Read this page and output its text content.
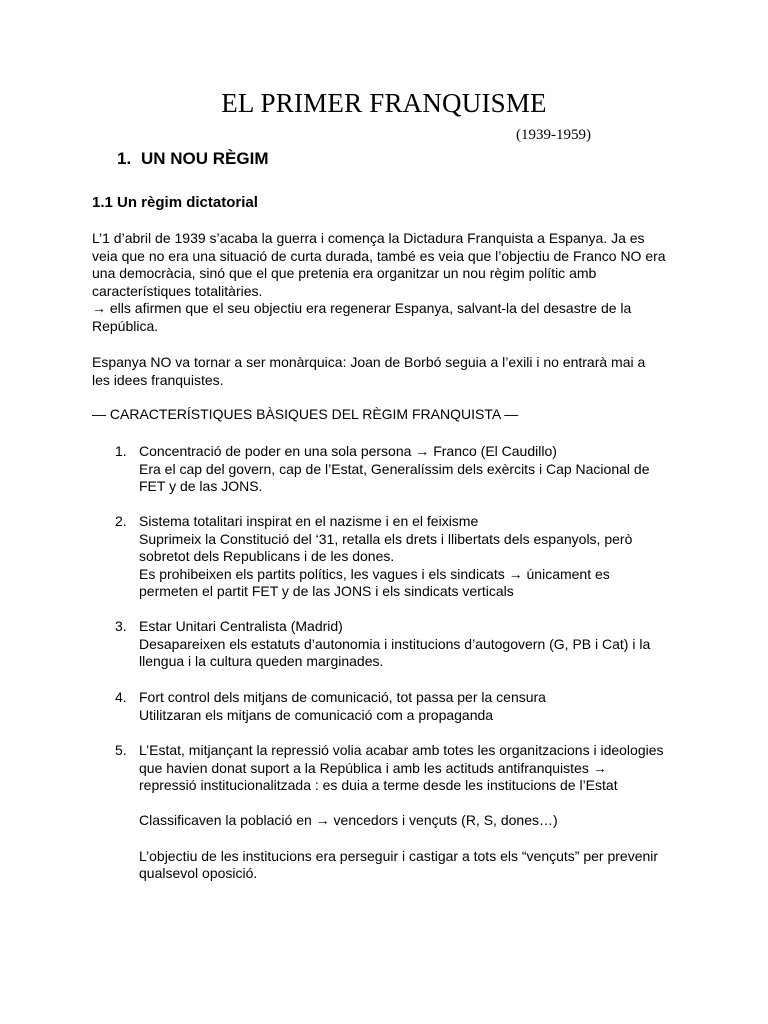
EL PRIMER FRANQUISME
(1939-1959)
1. UN NOU RÈGIM
1.1 Un règim dictatorial
L’1 d’abril de 1939 s’acaba la guerra i comença la Dictadura Franquista a Espanya. Ja es
veia que no era una situació de curta durada, també es veia que l’objectiu de Franco NO era
una democràcia, sinó que el que pretenia era organitzar un nou règim polític amb
característiques totalitàries.
→ ells afirmen que el seu objectiu era regenerar Espanya, salvant-la del desastre de la
República.
Espanya NO va tornar a ser monàrquica: Joan de Borbó seguia a l’exili i no entrarà mai a
les idees franquistes.
— CARACTERÍSTIQUES BÀSIQUES DEL RÈGIM FRANQUISTA —
1. Concentració de poder en una sola persona → Franco (El Caudillo)
Era el cap del govern, cap de l’Estat, Generalíssim dels exèrcits i Cap Nacional de
FET y de las JONS.
2. Sistema totalitari inspirat en el nazisme i en el feixisme
Suprimeix la Constitució del ‘31, retalla els drets i llibertats dels espanyols, però
sobretot dels Republicans i de les dones.
Es prohibeixen els partits polítics, les vagues i els sindicats → únicament es
permeten el partit FET y de las JONS i els sindicats verticals
3. Estar Unitari Centralista (Madrid)
Desapareixen els estatuts d’autonomia i institucions d’autogovern (G, PB i Cat) i la
llengua i la cultura queden marginades.
4. Fort control dels mitjans de comunicació, tot passa per la censura
Utilitzaran els mitjans de comunicació com a propaganda
5. L’Estat, mitjançant la repressió volia acabar amb totes les organitzacions i ideologies
que havien donat suport a la República i amb les actituds antifranquistes →
repressió institucionalitzada : es duia a terme desde les institucions de l’Estat
Classificaven la població en → vencedors i vençuts (R, S, dones…)
L’objectiu de les institucions era perseguir i castigar a tots els “vençuts” per prevenir
qualsevol oposició.
